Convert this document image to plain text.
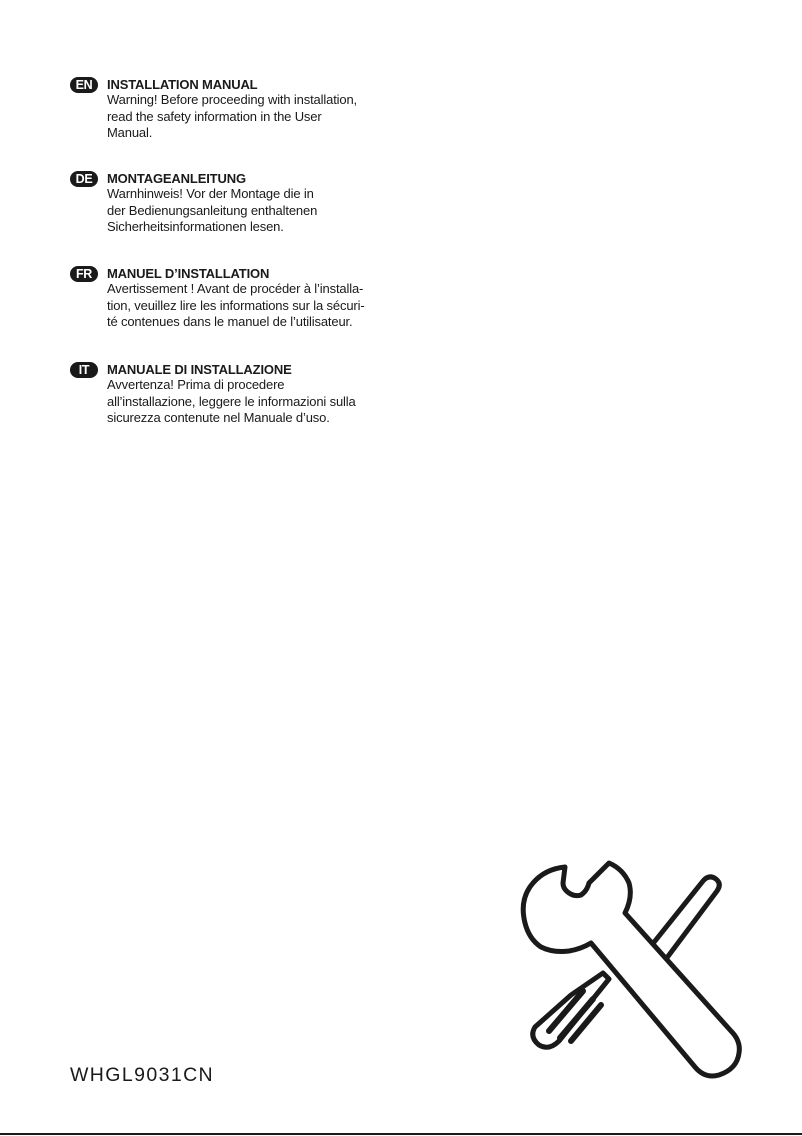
EN	INSTALLATION MANUAL
Warning! Before proceeding with installation,
read the safety information in the User
Manual.
DE	MONTAGEANLEITUNG
Warnhinweis! Vor der Montage die in
der Bedienungsanleitung enthaltenen
Sicherheitsinformationen lesen.
FR	MANUEL D’INSTALLATION
Avertissement ! Avant de procéder à l’installa-
tion, veuillez lire les informations sur la sécuri-
té contenues dans le manuel de l’utilisateur.
IT	MANUALE DI INSTALLAZIONE
Avvertenza! Prima di procedere
all’installazione, leggere le informazioni sulla
sicurezza contenute nel Manuale d’uso.
WHGL9031CN
